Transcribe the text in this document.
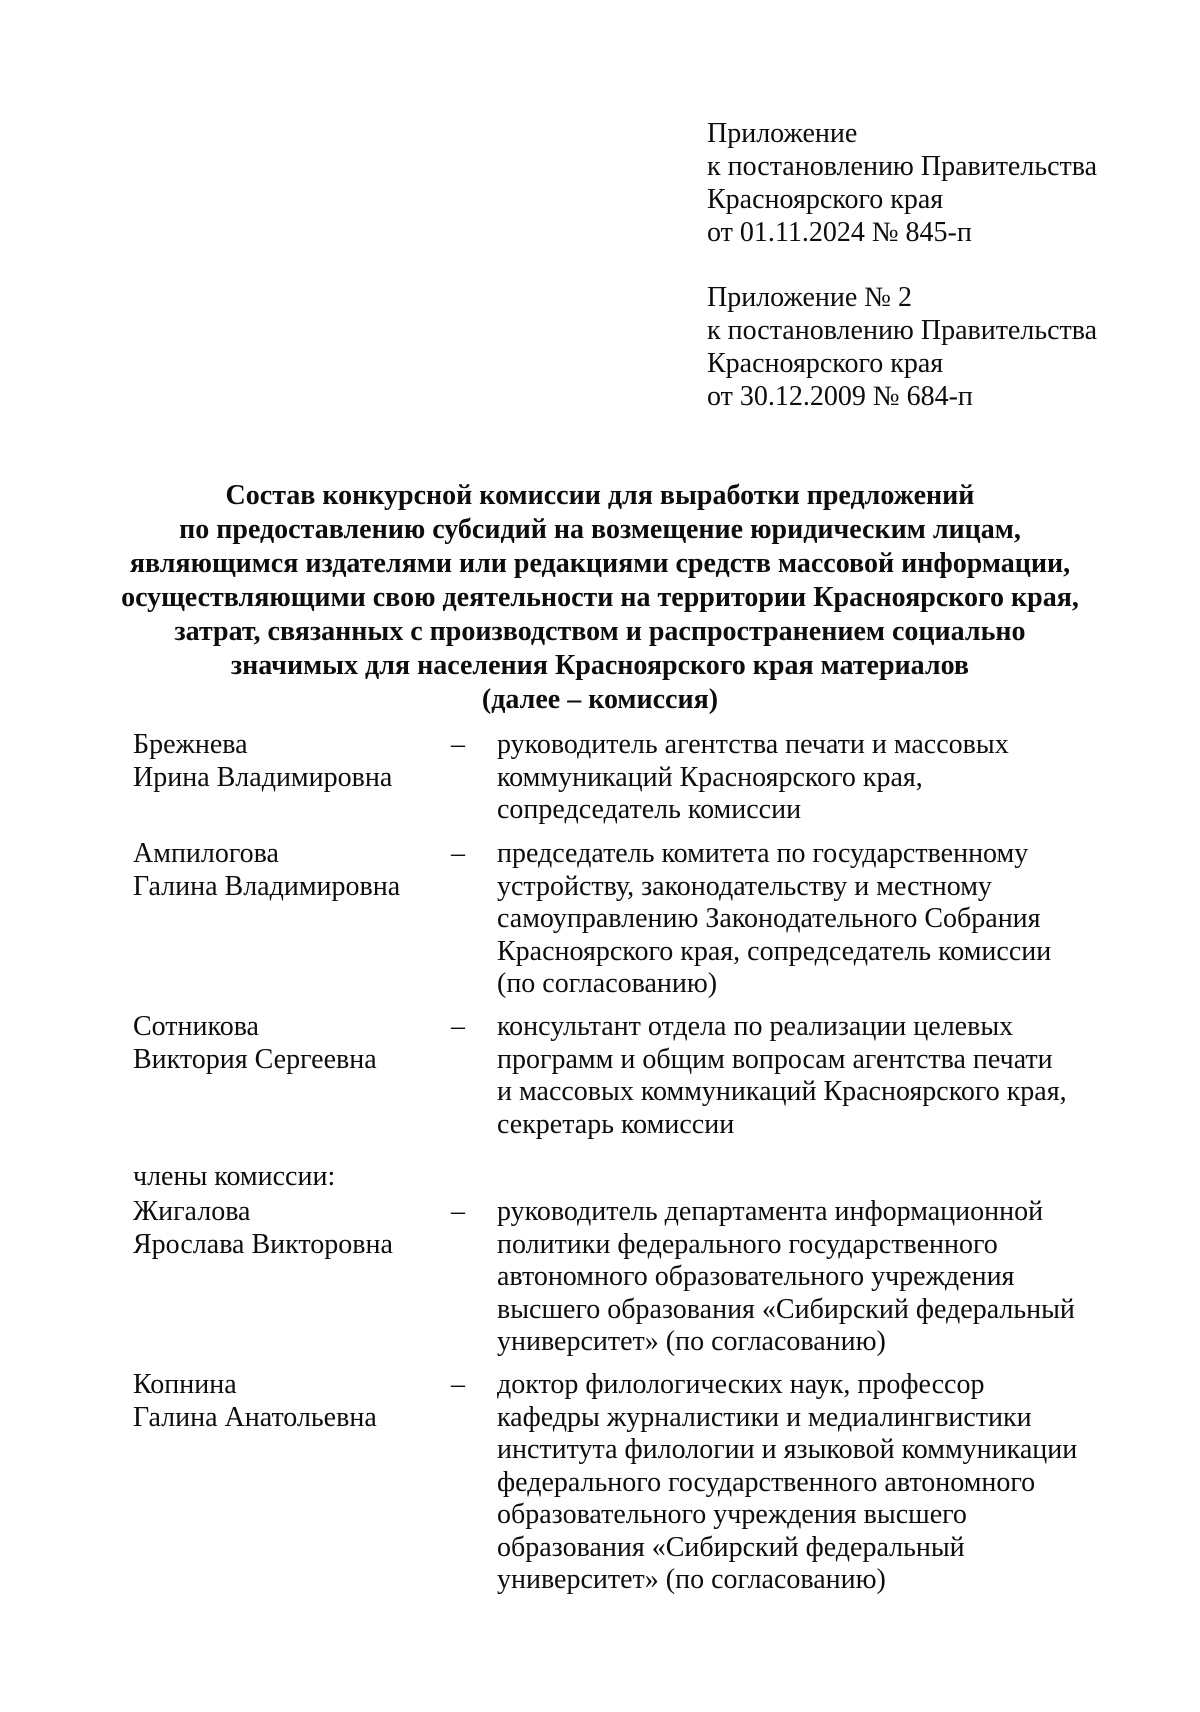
Приложение
к постановлению Правительства
Красноярского края
от 01.11.2024 № 845-п
Приложение № 2
к постановлению Правительства
Красноярского края
от 30.12.2009 № 684-п
Состав конкурсной комиссии для выработки предложений
по предоставлению субсидий на возмещение юридическим лицам,
являющимся издателями или редакциями средств массовой информации,
осуществляющими свою деятельности на территории Красноярского края,
затрат, связанных с производством и распространением социально
значимых для населения Красноярского края материалов
(далее – комиссия)
Брежнева
Ирина Владимировна
– руководитель агентства печати и массовых
коммуникаций Красноярского края,
сопредседатель комиссии
Ампилогова
Галина Владимировна
– председатель комитета по государственному
устройству, законодательству и местному
самоуправлению Законодательного Собрания
Красноярского края, сопредседатель комиссии
(по согласованию)
Сотникова
Виктория Сергеевна
– консультант отдела по реализации целевых
программ и общим вопросам агентства печати
и массовых коммуникаций Красноярского края,
секретарь комиссии
члены комиссии:
Жигалова
Ярослава Викторовна
– руководитель департамента информационной
политики федерального государственного
автономного образовательного учреждения
высшего образования «Сибирский федеральный
университет» (по согласованию)
Копнина
Галина Анатольевна
– доктор филологических наук, профессор
кафедры журналистики и медиалингвистики
института филологии и языковой коммуникации
федерального государственного автономного
образовательного учреждения высшего
образования «Сибирский федеральный
университет» (по согласованию)
